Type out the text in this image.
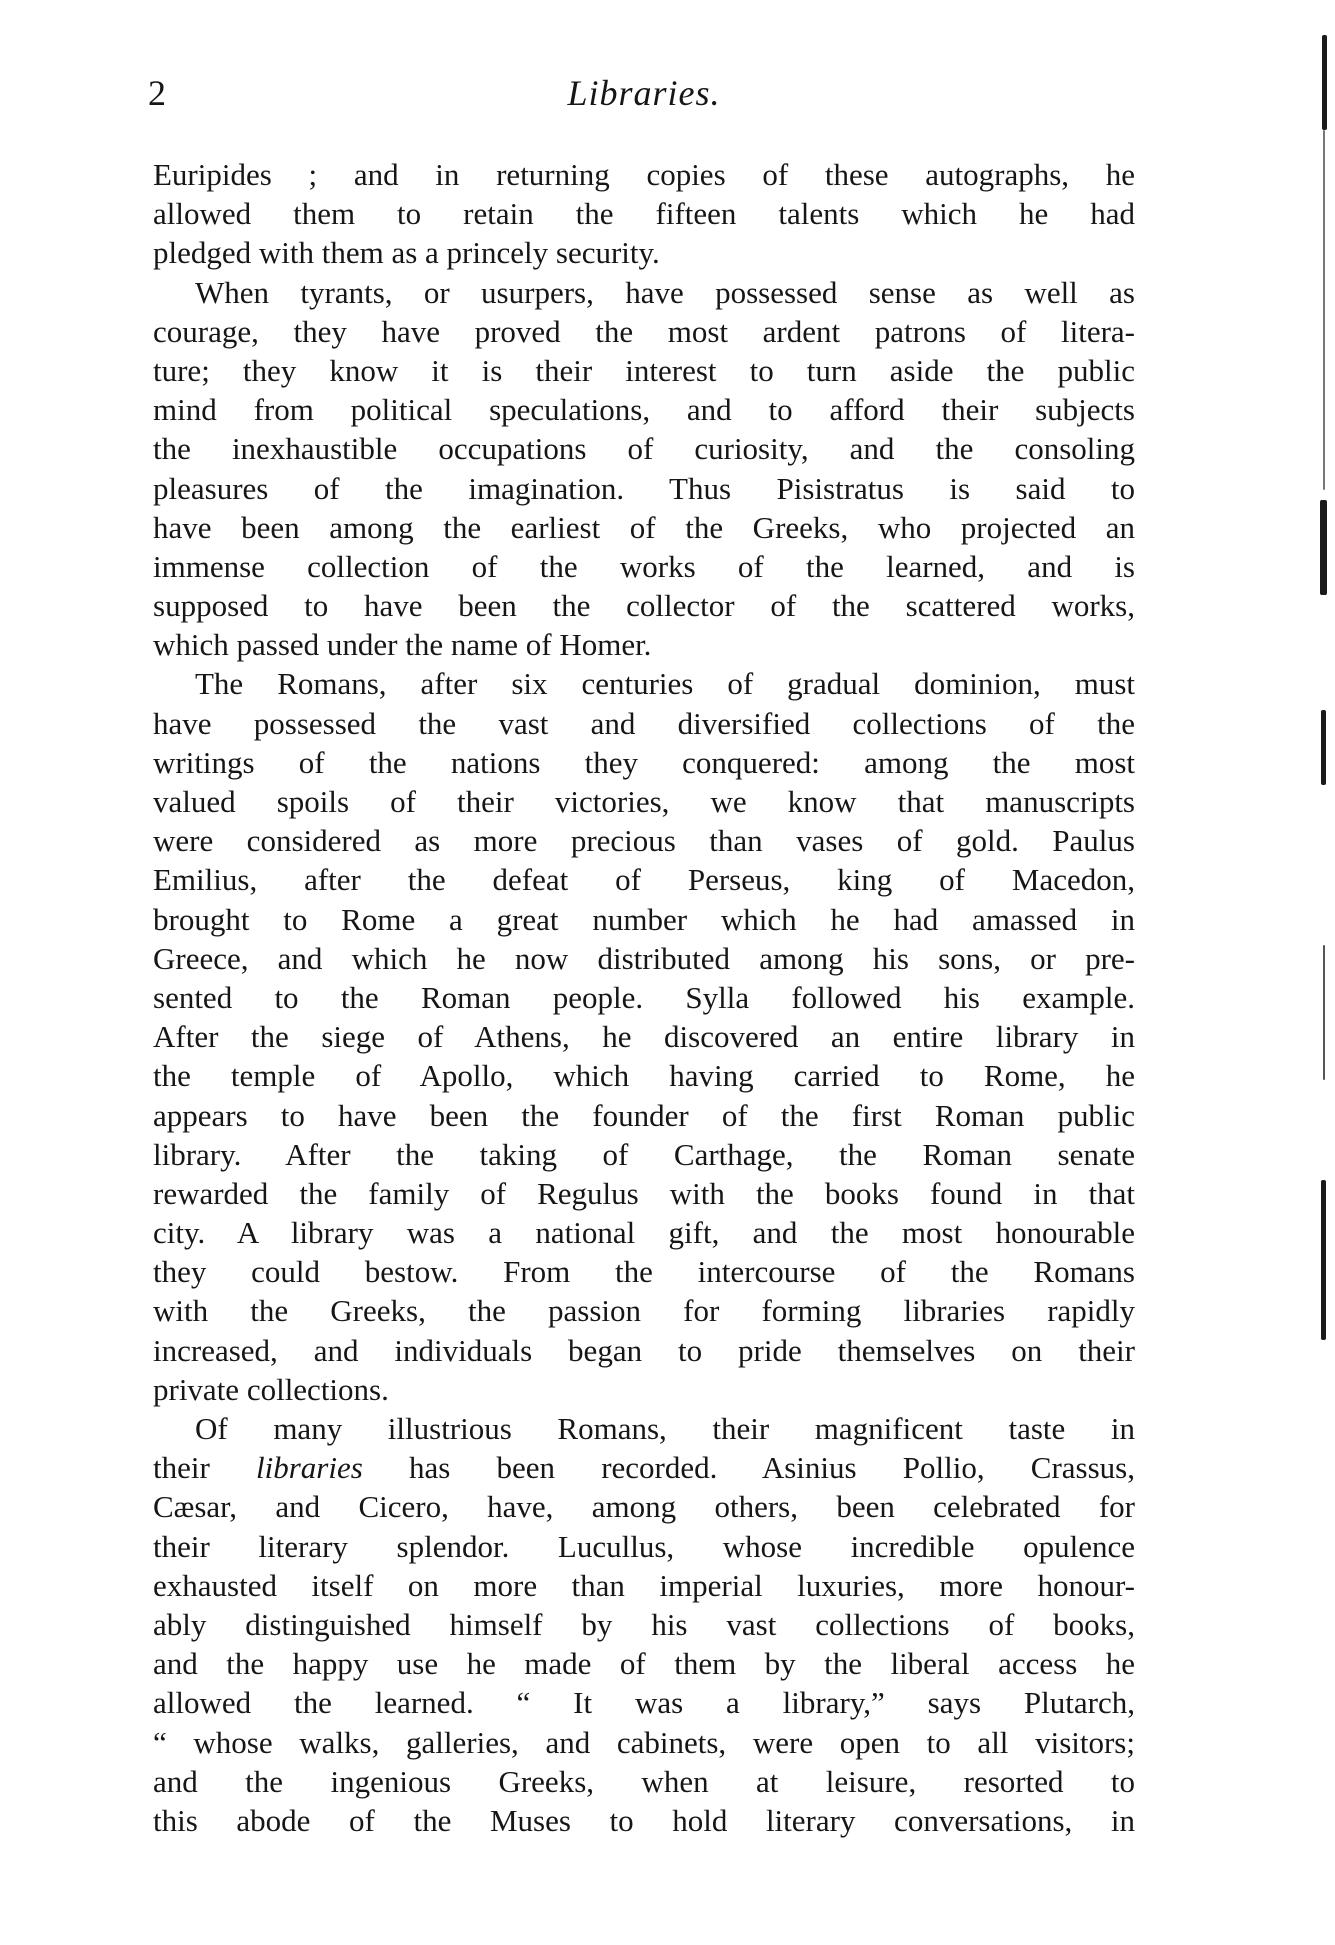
2	Libraries.
Euripides ; and in returning copies of these autographs, he
allowed them to retain the fifteen talents which he had
pledged with them as a princely security.
When tyrants, or usurpers, have possessed sense as well as
courage, they have proved the most ardent patrons of litera-
ture; they know it is their interest to turn aside the public
mind from political speculations, and to afford their subjects
the inexhaustible occupations of curiosity, and the consoling
pleasures of the imagination. Thus Pisistratus is said to
have been among the earliest of the Greeks, who projected an
immense collection of the works of the learned, and is
supposed to have been the collector of the scattered works,
which passed under the name of Homer.
The Romans, after six centuries of gradual dominion, must
have possessed the vast and diversified collections of the
writings of the nations they conquered: among the most
valued spoils of their victories, we know that manuscripts
were considered as more precious than vases of gold. Paulus
Emilius, after the defeat of Perseus, king of Macedon,
brought to Rome a great number which he had amassed in
Greece, and which he now distributed among his sons, or pre-
sented to the Roman people. Sylla followed his example.
After the siege of Athens, he discovered an entire library in
the temple of Apollo, which having carried to Rome, he
appears to have been the founder of the first Roman public
library. After the taking of Carthage, the Roman senate
rewarded the family of Regulus with the books found in that
city. A library was a national gift, and the most honourable
they could bestow. From the intercourse of the Romans
with the Greeks, the passion for forming libraries rapidly
increased, and individuals began to pride themselves on their
private collections.
Of many illustrious Romans, their magnificent taste in
their libraries has been recorded. Asinius Pollio, Crassus,
Cæsar, and Cicero, have, among others, been celebrated for
their literary splendor. Lucullus, whose incredible opulence
exhausted itself on more than imperial luxuries, more honour-
ably distinguished himself by his vast collections of books,
and the happy use he made of them by the liberal access he
allowed the learned. “ It was a library,” says Plutarch,
“ whose walks, galleries, and cabinets, were open to all visitors;
and the ingenious Greeks, when at leisure, resorted to
this abode of the Muses to hold literary conversations, in
